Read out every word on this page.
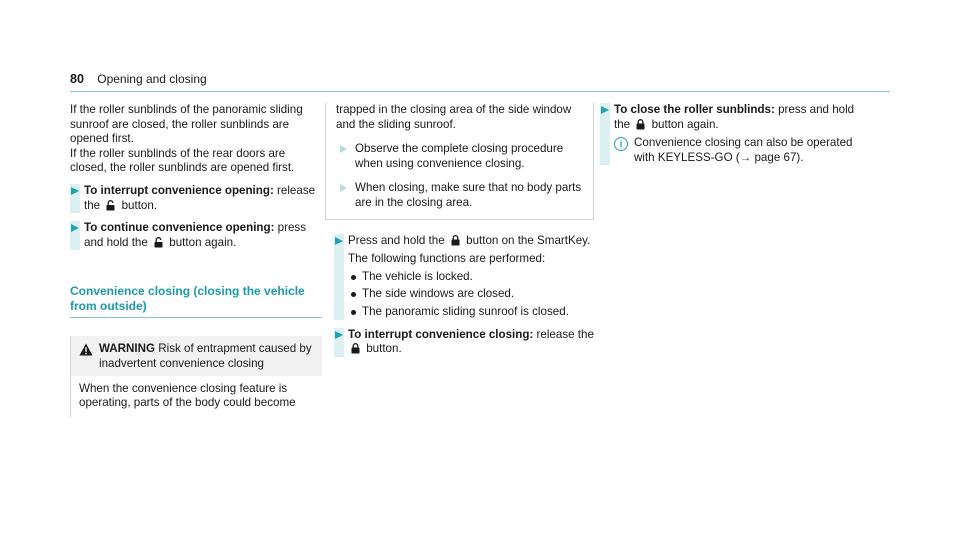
80 Opening and closing

If the roller sunblinds of the panoramic sliding sunroof are closed, the roller sunblinds are opened first.

If the roller sunblinds of the rear doors are closed, the roller sunblinds are opened first.

To interrupt convenience opening: release the  button.
To continue convenience opening: press and hold the  button again.
Convenience closing (closing the vehicle from outside)
WARNING Risk of entrapment caused by inadvertent convenience closing
When the convenience closing feature is operating, parts of the body could become

trapped in the closing area of the side window and the sliding sunroof.

Observe the complete closing procedure when using convenience closing.
When closing, make sure that no body parts are in the closing area.
Press and hold the  button on the SmartKey.

The following functions are performed:

The vehicle is locked.
The side windows are closed.
The panoramic sliding sunroof is closed.
To interrupt convenience closing: release the  button.
To close the roller sunblinds: press and hold the  button again.
i	Convenience closing can also be operated with KEYLESS-GO (→ page 67).
